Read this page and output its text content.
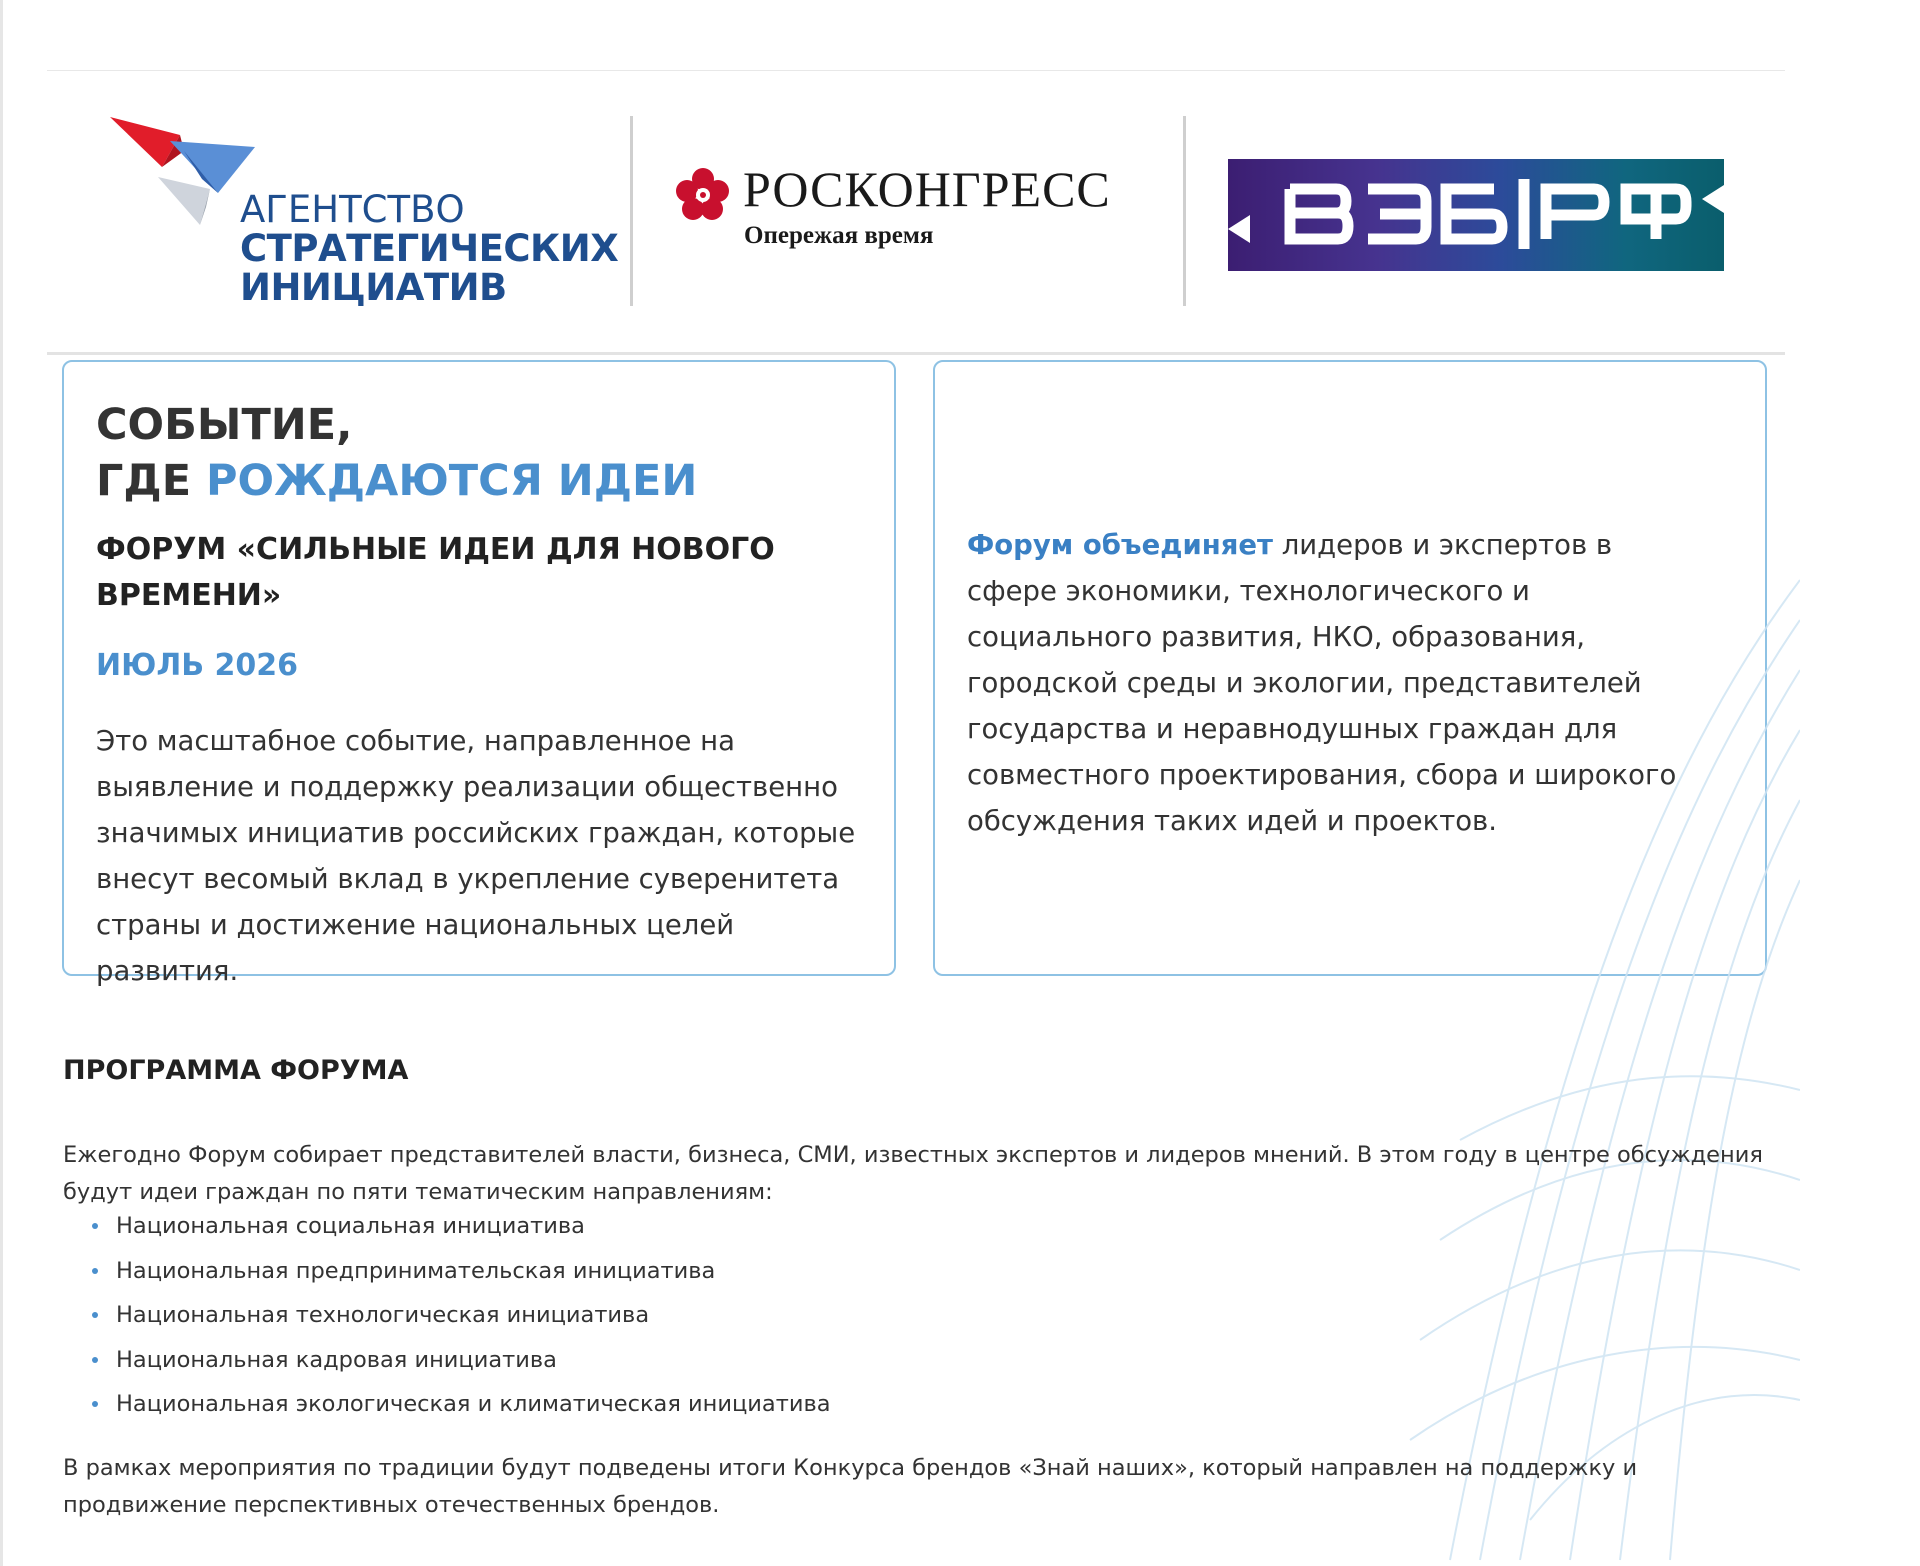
АГЕНТСТВО
СТРАТЕГИЧЕСКИХ
ИНИЦИАТИВ
РОСКОНГРЕСС
Опережая время
СОБЫТИЕ,
ГДЕ РОЖДАЮТСЯ ИДЕИ
ФОРУМ «СИЛЬНЫЕ ИДЕИ ДЛЯ НОВОГО ВРЕМЕНИ»
ИЮЛЬ 2026
Это масштабное событие, направленное на выявление и поддержку реализации общественно значимых инициатив российских граждан, которые внесут весомый вклад в укрепление суверенитета страны и достижение национальных целей развития.
Форум объединяет лидеров и экспертов в сфере экономики, технологического и социального развития, НКО, образования, городской среды и экологии, представителей государства и неравнодушных граждан для совместного проектирования, сбора и широкого обсуждения таких идей и проектов.
ПРОГРАММА ФОРУМА
Ежегодно Форум собирает представителей власти, бизнеса, СМИ, известных экспертов и лидеров мнений. В этом году в центре обсуждения будут идеи граждан по пяти тематическим направлениям:
Национальная социальная инициатива
Национальная предпринимательская инициатива
Национальная технологическая инициатива
Национальная кадровая инициатива
Национальная экологическая и климатическая инициатива
В рамках мероприятия по традиции будут подведены итоги Конкурса брендов «Знай наших», который направлен на поддержку и продвижение перспективных отечественных брендов.
